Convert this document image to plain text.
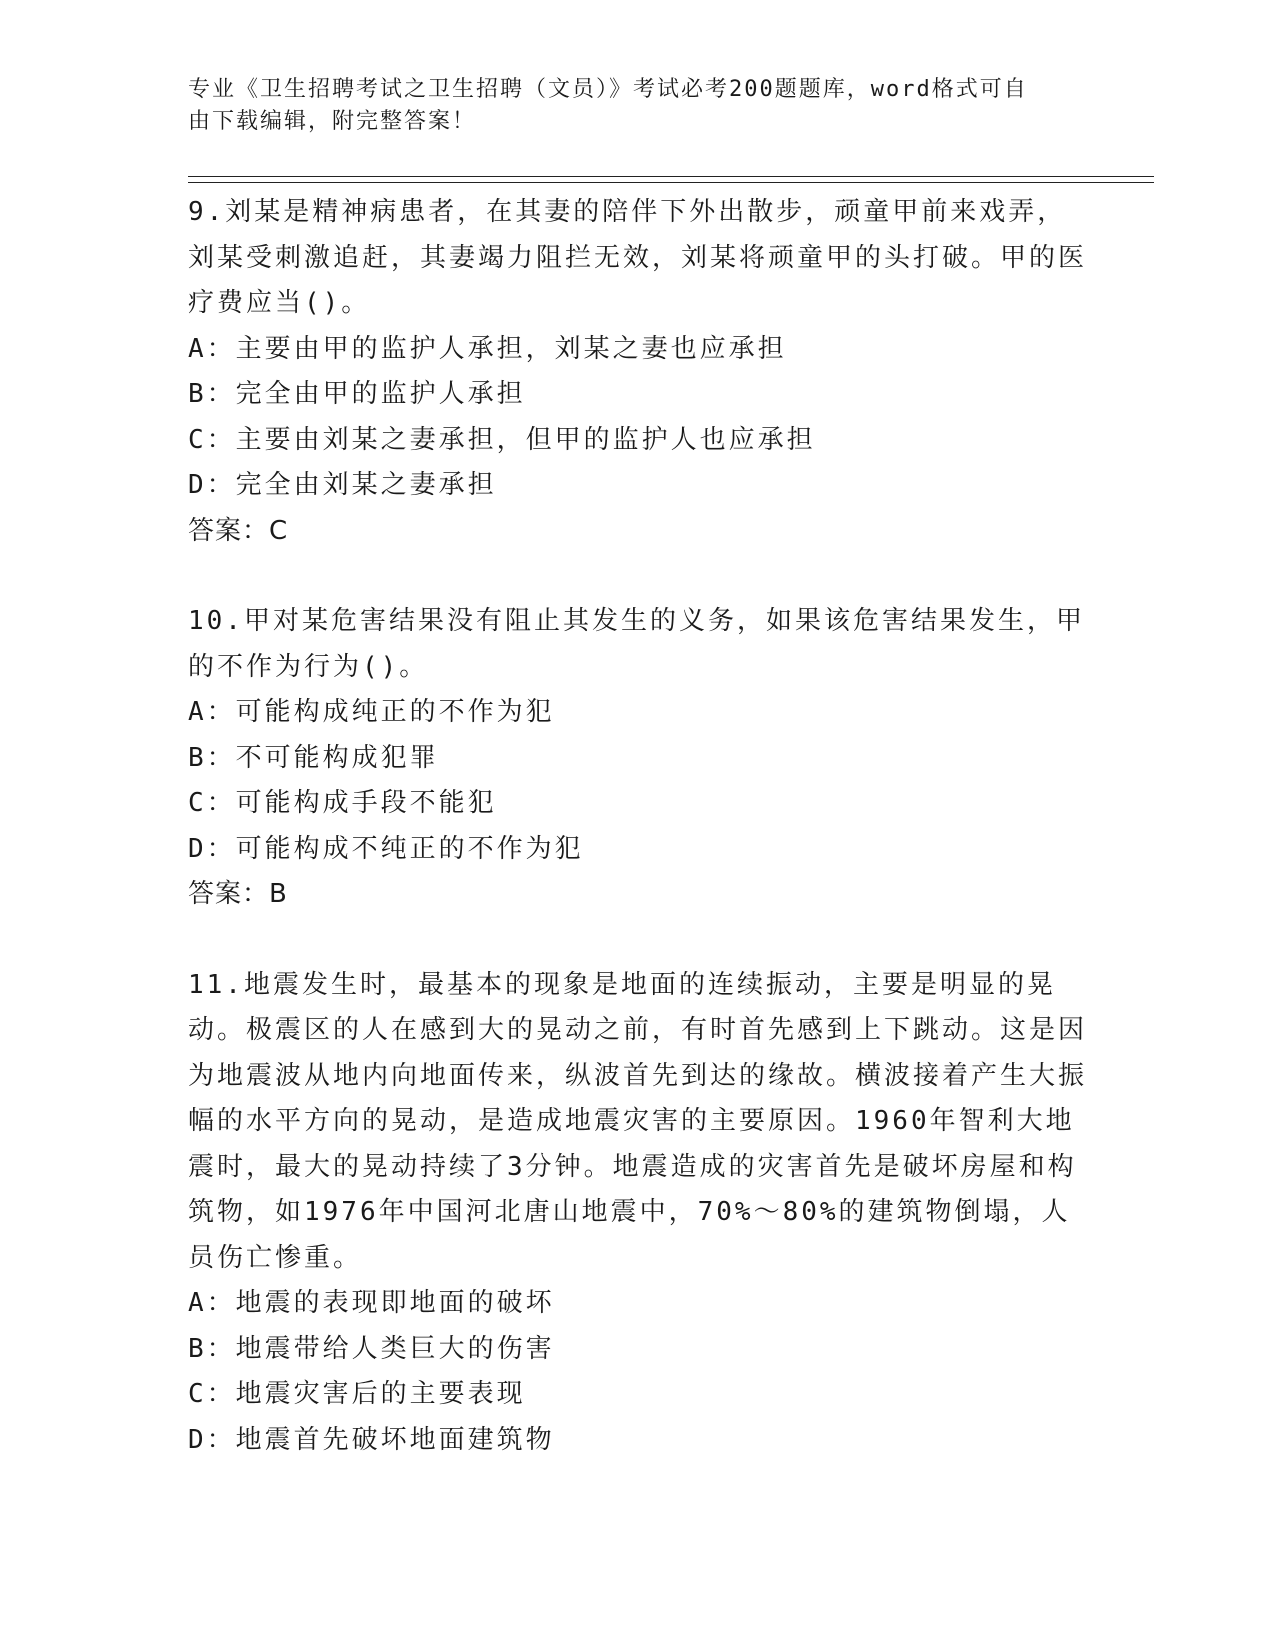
专业《卫生招聘考试之卫生招聘（文员）》考试必考200题题库，word格式可自
由下载编辑，附完整答案！
9.刘某是精神病患者，在其妻的陪伴下外出散步，顽童甲前来戏弄，刘某受刺激追赶，其妻竭力阻拦无效，刘某将顽童甲的头打破。甲的医疗费应当()。
A：主要由甲的监护人承担，刘某之妻也应承担
B：完全由甲的监护人承担
C：主要由刘某之妻承担，但甲的监护人也应承担
D：完全由刘某之妻承担
答案：C
10.甲对某危害结果没有阻止其发生的义务，如果该危害结果发生，甲的不作为行为()。
A：可能构成纯正的不作为犯
B：不可能构成犯罪
C：可能构成手段不能犯
D：可能构成不纯正的不作为犯
答案：B
11.地震发生时，最基本的现象是地面的连续振动，主要是明显的晃动。极震区的人在感到大的晃动之前，有时首先感到上下跳动。这是因为地震波从地内向地面传来，纵波首先到达的缘故。横波接着产生大振幅的水平方向的晃动，是造成地震灾害的主要原因。1960年智利大地震时，最大的晃动持续了3分钟。地震造成的灾害首先是破坏房屋和构筑物，如1976年中国河北唐山地震中，70%～80%的建筑物倒塌，人员伤亡惨重。
A：地震的表现即地面的破坏
B：地震带给人类巨大的伤害
C：地震灾害后的主要表现
D：地震首先破坏地面建筑物
